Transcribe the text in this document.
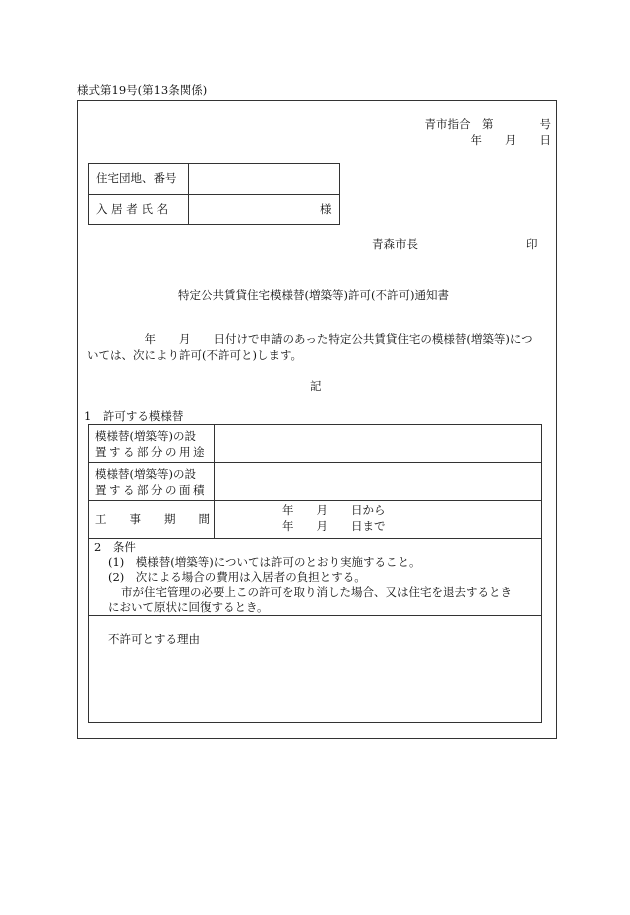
様式第19号(第13条関係)
青市指合　第　　　　号
年　　月　　日
住宅団地、番号
入 居 者 氏 名	様
青森市長	印
特定公共賃貸住宅模様替(増築等)許可(不許可)通知書
　　　　　年　　月　　日付けで申請のあった特定公共賃貸住宅の模様替(増築等)につ
いては、次により許可(不許可と)します。
記
1　許可する模様替
模様替(増築等)の設
置する部分の用途
模様替(増築等)の設
置する部分の面積
工　　事　　期　　間
年　　月　　日から
年　　月　　日まで
2　条件
(1)　模様替(増築等)については許可のとおり実施すること。
(2)　次による場合の費用は入居者の負担とする。
市が住宅管理の必要上この許可を取り消した場合、又は住宅を退去するとき
において原状に回復するとき。
不許可とする理由
